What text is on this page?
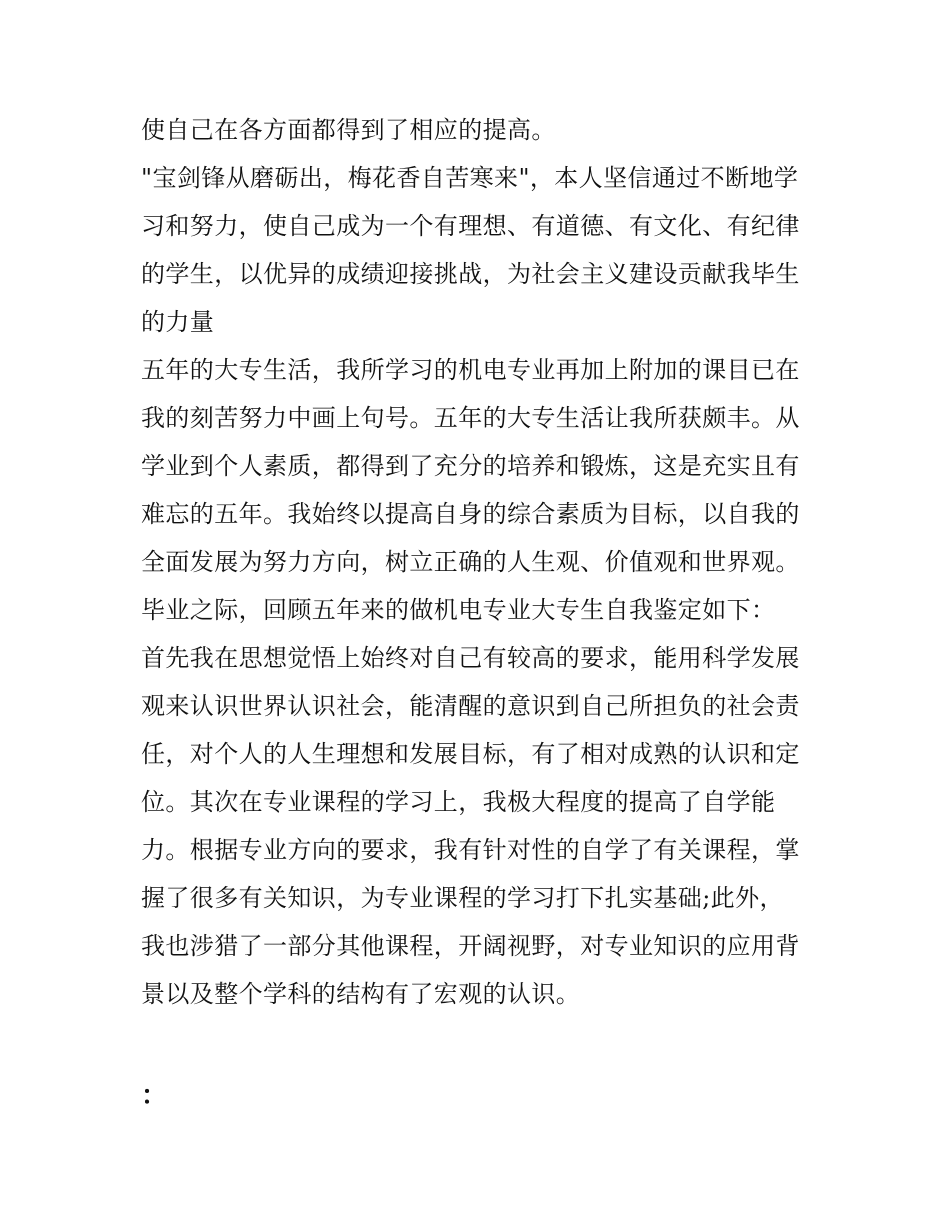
使自己在各方面都得到了相应的提高。
"宝剑锋从磨砺出，梅花香自苦寒来"，本人坚信通过不断地学
习和努力，使自己成为一个有理想、有道德、有文化、有纪律
的学生，以优异的成绩迎接挑战，为社会主义建设贡献我毕生
的力量
五年的大专生活，我所学习的机电专业再加上附加的课目已在
我的刻苦努力中画上句号。五年的大专生活让我所获颇丰。从
学业到个人素质，都得到了充分的培养和锻炼，这是充实且有
难忘的五年。我始终以提高自身的综合素质为目标，以自我的
全面发展为努力方向，树立正确的人生观、价值观和世界观。
毕业之际，回顾五年来的做机电专业大专生自我鉴定如下：
首先我在思想觉悟上始终对自己有较高的要求，能用科学发展
观来认识世界认识社会，能清醒的意识到自己所担负的社会责
任，对个人的人生理想和发展目标，有了相对成熟的认识和定
位。其次在专业课程的学习上，我极大程度的提高了自学能
力。根据专业方向的要求，我有针对性的自学了有关课程，掌
握了很多有关知识，为专业课程的学习打下扎实基础;此外，
我也涉猎了一部分其他课程，开阔视野，对专业知识的应用背
景以及整个学科的结构有了宏观的认识。
：
